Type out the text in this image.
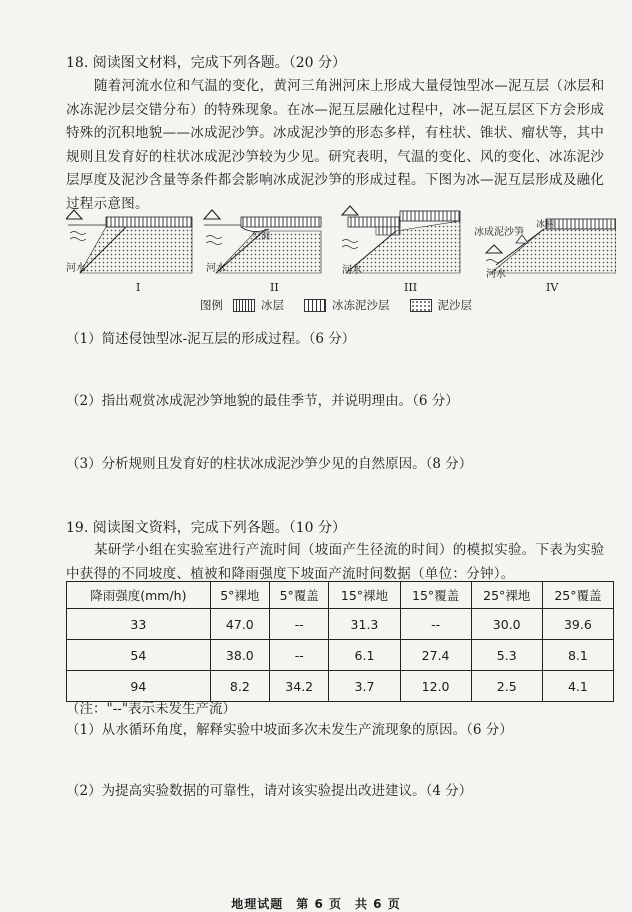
18. 阅读图文材料，完成下列各题。（20 分）
随着河流水位和气温的变化，黄河三角洲河床上形成大量侵蚀型冰—泥互层（冰层和
冰冻泥沙层交错分布）的特殊现象。在冰—泥互层融化过程中，冰—泥互层区下方会形成
特殊的沉积地貌——冰成泥沙笋。冰成泥沙笋的形态多样，有柱状、锥状、瘤状等，其中
规则且发育好的柱状冰成泥沙笋较为少见。研究表明，气温的变化、风的变化、冰冻泥沙
层厚度及泥沙含量等条件都会影响冰成泥沙笋的形成过程。下图为冰—泥互层形成及融化
过程示意图。
河水	河水	河水	河水
空洞	冰成泥沙笋
冰柄
I	II	III	IV
图例	冰层	冰冻泥沙层	泥沙层
（1）简述侵蚀型冰-泥互层的形成过程。（6 分）
（2）指出观赏冰成泥沙笋地貌的最佳季节，并说明理由。（6 分）
（3）分析规则且发育好的柱状冰成泥沙笋少见的自然原因。（8 分）
19. 阅读图文资料，完成下列各题。（10 分）
某研学小组在实验室进行产流时间（坡面产生径流的时间）的模拟实验。下表为实验
中获得的不同坡度、植被和降雨强度下坡面产流时间数据（单位：分钟）。
降雨强度(mm/h)	5°裸地	5°覆盖	15°裸地	15°覆盖	25°裸地	25°覆盖
33	47.0	--	31.3	--	30.0	39.6
54	38.0	--	6.1	27.4	5.3	8.1
94	8.2	34.2	3.7	12.0	2.5	4.1
（注："--"表示未发生产流）
（1）从水循环角度，解释实验中坡面多次未发生产流现象的原因。（6 分）
（2）为提高实验数据的可靠性，请对该实验提出改进建议。（4 分）
地理试题　第 6 页　共 6 页
